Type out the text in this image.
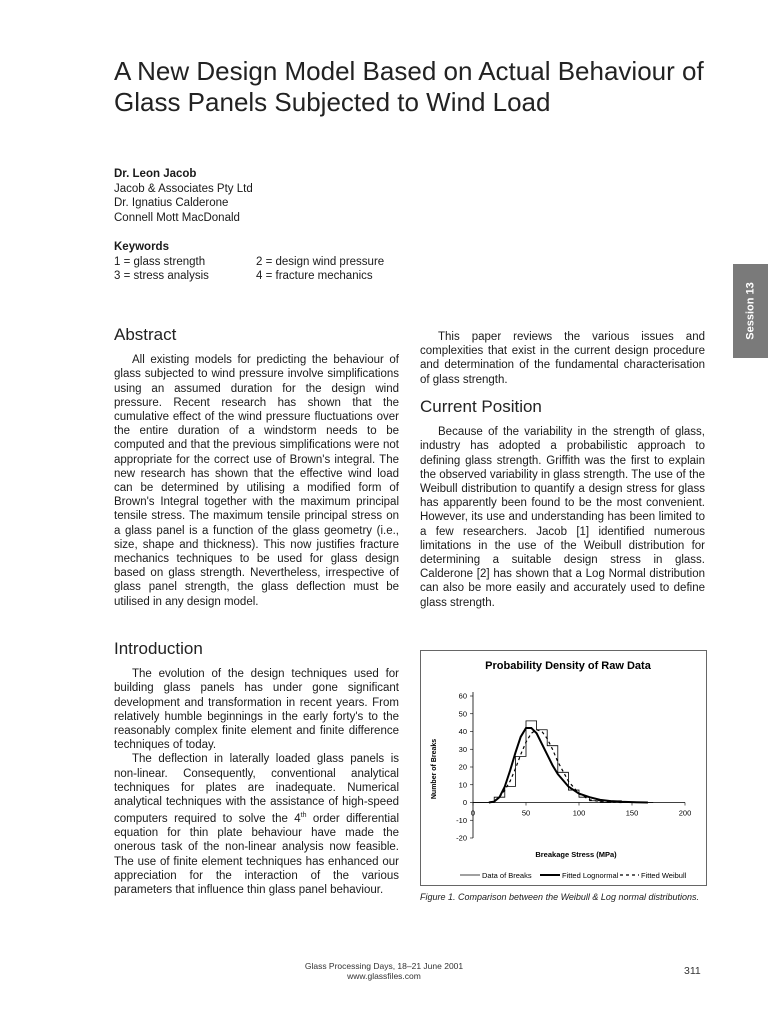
A New Design Model Based on Actual Behaviour of Glass Panels Subjected to Wind Load
Dr. Leon Jacob
Jacob & Associates Pty Ltd
Dr. Ignatius Calderone
Connell Mott MacDonald
Keywords
1 = glass strength	2 = design wind pressure
3 = stress analysis	4 = fracture mechanics
Session 13
Abstract

All existing models for predicting the behaviour of glass subjected to wind pressure involve simplifications using an assumed duration for the design wind pressure. Recent research has shown that the cumulative effect of the wind pressure fluctuations over the entire duration of a windstorm needs to be computed and that the previous simplifications were not appropriate for the correct use of Brown's integral. The new research has shown that the effective wind load can be determined by utilising a modified form of Brown's Integral together with the maximum principal tensile stress. The maximum tensile principal stress on a glass panel is a function of the glass geometry (i.e., size, shape and thickness). This now justifies fracture mechanics techniques to be used for glass design based on glass strength. Nevertheless, irrespective of glass panel strength, the glass deflection must be utilised in any design model.

Introduction

The evolution of the design techniques used for building glass panels has under gone significant development and transformation in recent years. From relatively humble beginnings in the early forty's to the reasonably complex finite element and finite difference techniques of today.

The deflection in laterally loaded glass panels is non-linear. Consequently, conventional analytical techniques for plates are inadequate. Numerical analytical techniques with the assistance of high-speed computers required to solve the 4th order differential equation for thin plate behaviour have made the onerous task of the non-linear analysis now feasible. The use of finite element techniques has enhanced our appreciation for the interaction of the various parameters that influence thin glass panel behaviour.

This paper reviews the various issues and complexities that exist in the current design procedure and determination of the fundamental characterisation of glass strength.

Current Position

Because of the variability in the strength of glass, industry has adopted a probabilistic approach to defining glass strength. Griffith was the first to explain the observed variability in glass strength. The use of the Weibull distribution to quantify a design stress for glass has apparently been found to be the most convenient. However, its use and understanding has been limited to a few researchers. Jacob [1] identified numerous limitations in the use of the Weibull distribution for determining a suitable design stress in glass. Calderone [2] has shown that a Log Normal distribution can also be more easily and accurately used to define glass strength.

Probability Density of Raw Data
Number of Breaks
Breakage Stress (MPa)
Data of Breaks	Fitted Lognormal	Fitted Weibull
60
50
40
30
20
10
0
-10
-20
0	50	100	150	200
Figure 1. Comparison between the Weibull & Log normal distributions.
Glass Processing Days, 18–21 June 2001
www.glassfiles.com	311
